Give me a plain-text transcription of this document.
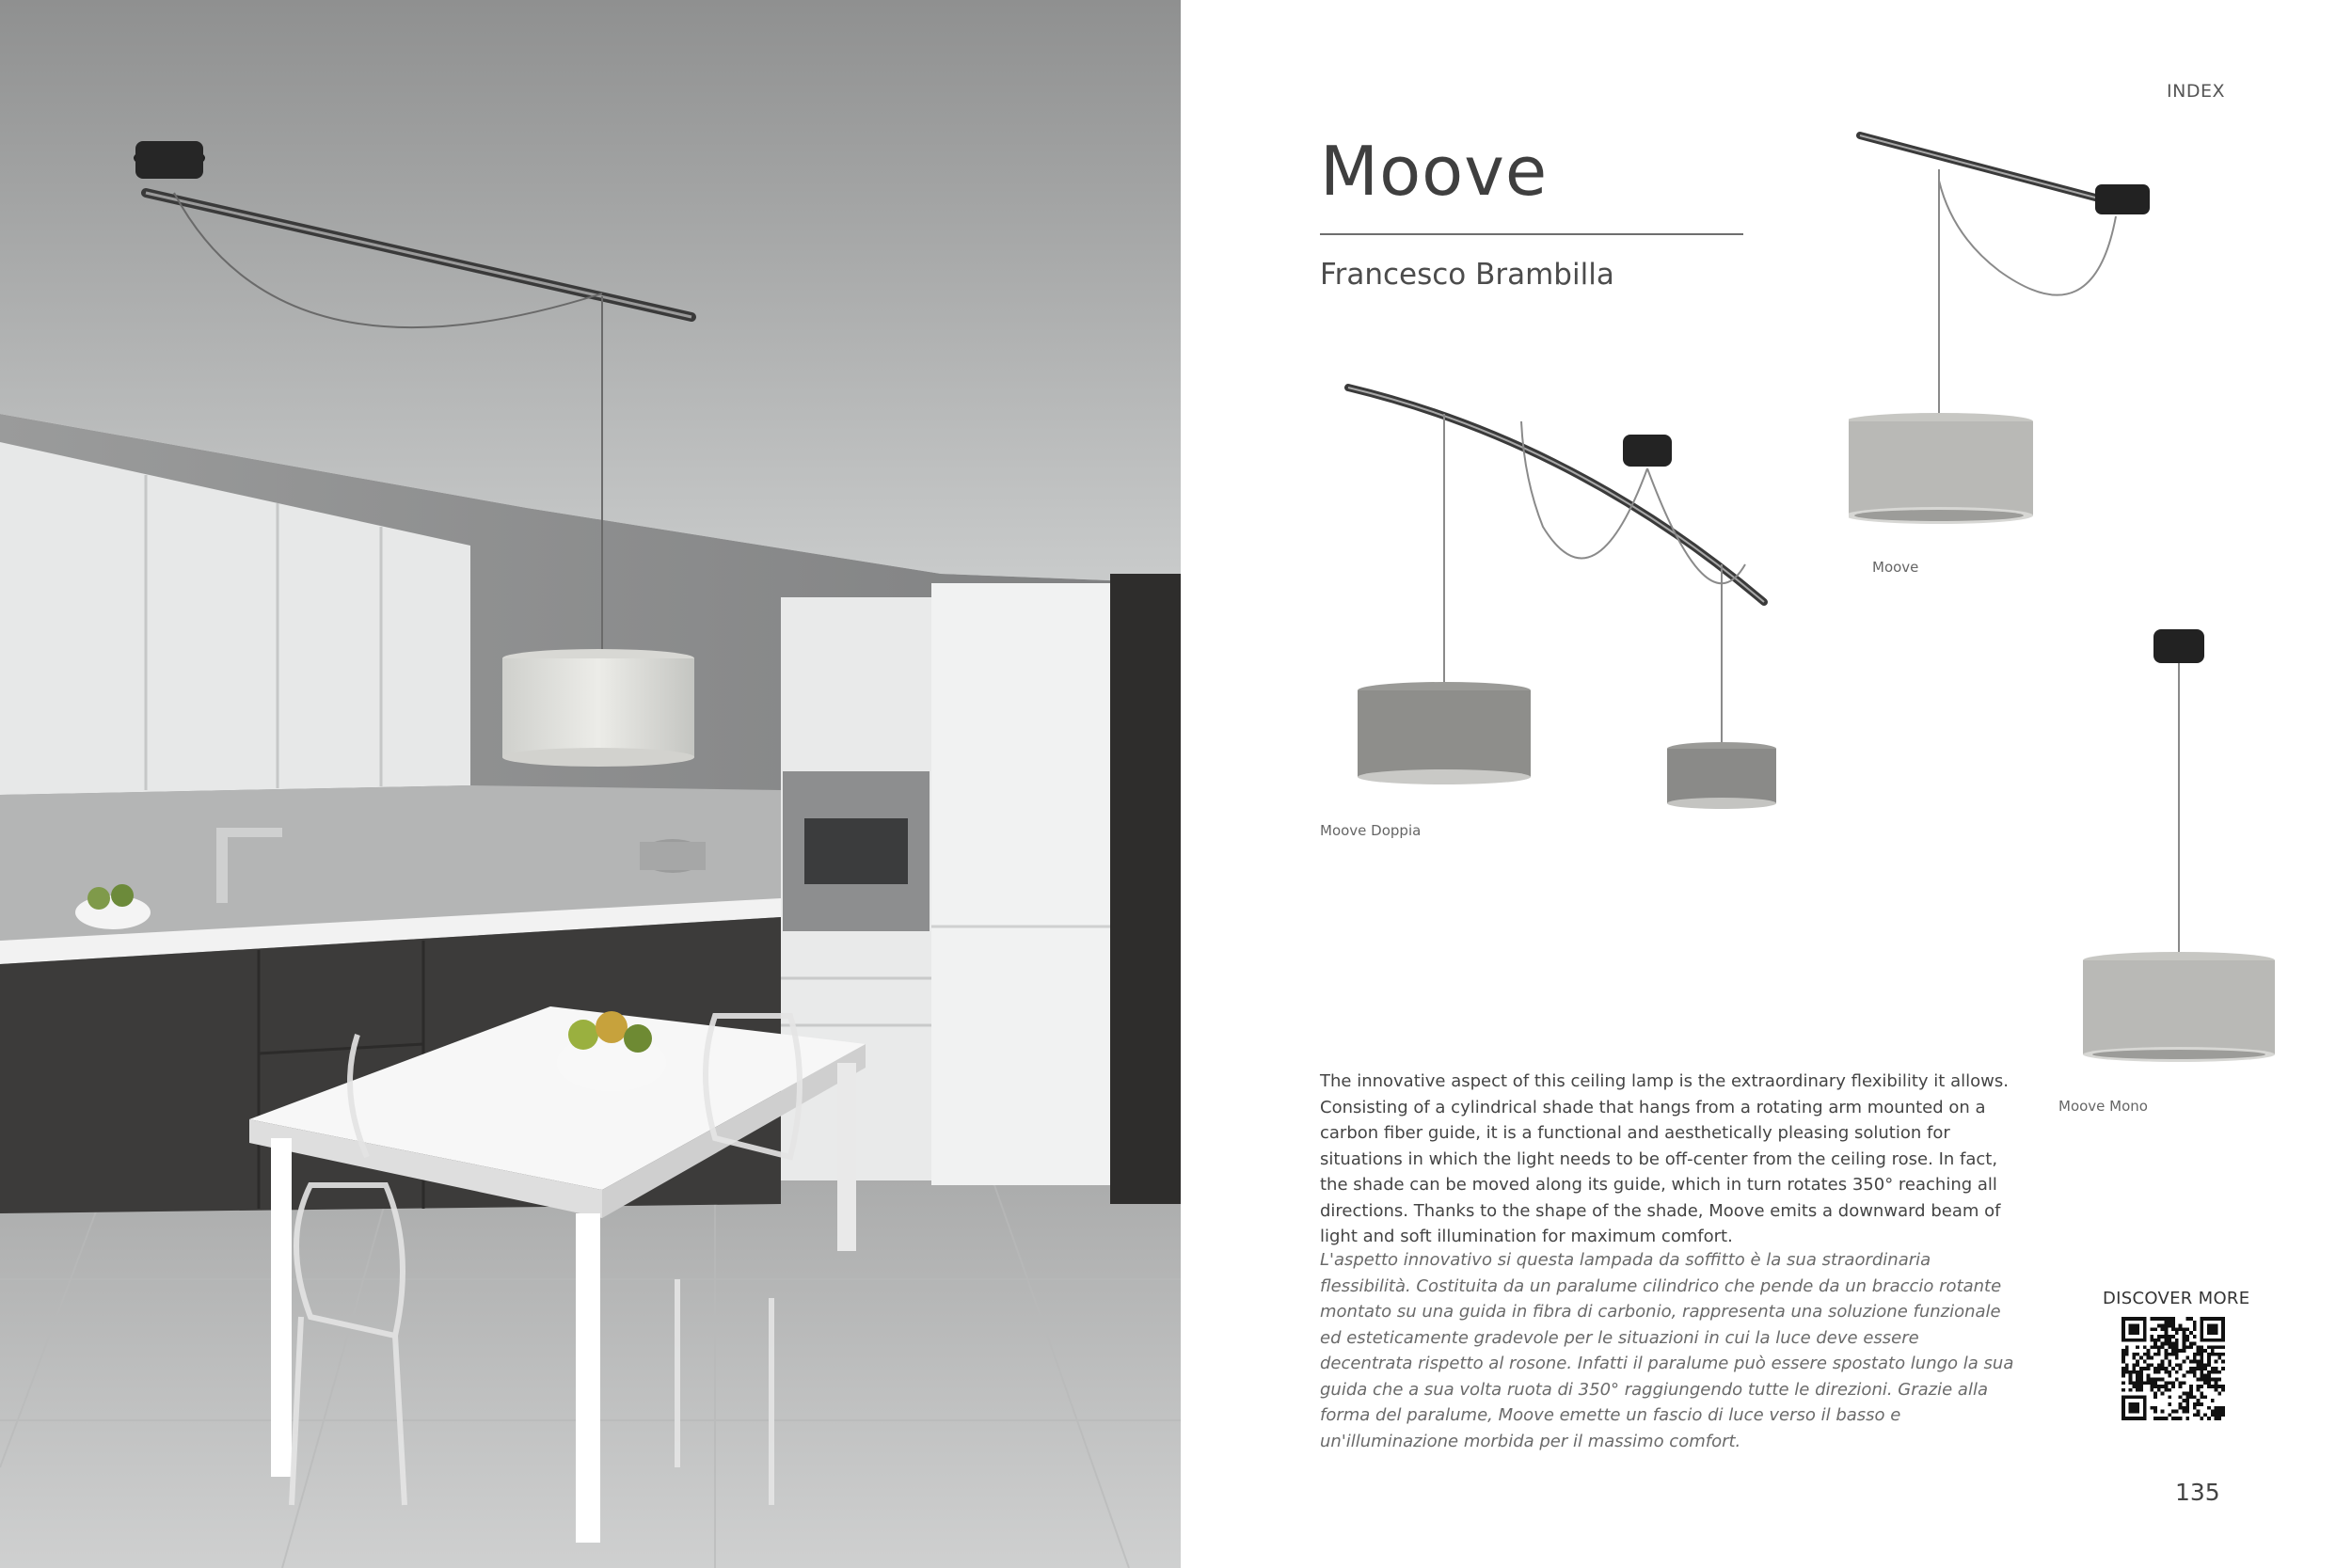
INDEX
Moove
Francesco Brambilla
Moove
Moove Doppia
Moove Mono

The innovative aspect of this ceiling lamp is the extraordinary flexibility it allows. Consisting of a cylindrical shade that hangs from a rotating arm mounted on a carbon fiber guide, it is a functional and aesthetically pleasing solution for situations in which the light needs to be off-center from the ceiling rose. In fact, the shade can be moved along its guide, which in turn rotates 350° reaching all directions. Thanks to the shape of the shade, Moove emits a downward beam of light and soft illumination for maximum comfort.

L'aspetto innovativo si questa lampada da soffitto è la sua straordinaria flessibilità. Costituita da un paralume cilindrico che pende da un braccio rotante montato su una guida in fibra di carbonio, rappresenta una soluzione funzionale ed esteticamente gradevole per le situazioni in cui la luce deve essere decentrata rispetto al rosone. Infatti il paralume può essere spostato lungo la sua guida che a sua volta ruota di 350° raggiungendo tutte le direzioni. Grazie alla forma del paralume, Moove emette un fascio di luce verso il basso e un'illuminazione morbida per il massimo comfort.

DISCOVER MORE
135
